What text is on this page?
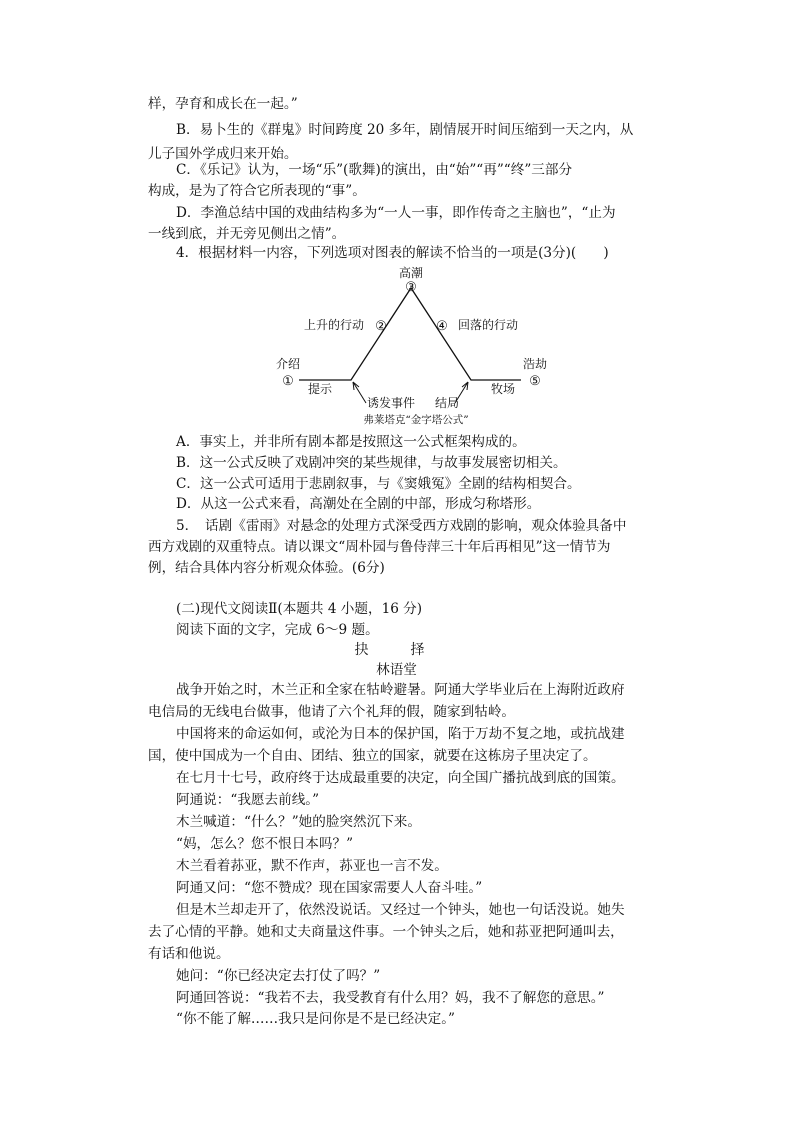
样，孕育和成长在一起。”
B．易卜生的《群鬼》时间跨度 20 多年，剧情展开时间压缩到一天之内，从
儿子国外学成归来开始。
C．《乐记》认为，一场“乐”(歌舞)的演出，由“始”“再”“终”三部分
构成，是为了符合它所表现的“事”。
D．李渔总结中国的戏曲结构多为“一人一事，即作传奇之主脑也”，“止为
一线到底，并无旁见侧出之情”。
4．根据材料一内容，下列选项对图表的解读不恰当的一项是(3分)(　　)
高潮
③
上升的行动 ②	④ 回落的行动
介绍
①
浩劫
⑤
提示	牧场
诱发事件 结局
弗莱塔克“金字塔公式”
A．事实上，并非所有剧本都是按照这一公式框架构成的。
B．这一公式反映了戏剧冲突的某些规律，与故事发展密切相关。
C．这一公式可适用于悲剧叙事，与《窦娥冤》全剧的结构相契合。
D．从这一公式来看，高潮处在全剧的中部，形成匀称塔形。
5．　话剧《雷雨》对悬念的处理方式深受西方戏剧的影响，观众体验具备中
西方戏剧的双重特点。请以课文“周朴园与鲁侍萍三十年后再相见”这一情节为
例，结合具体内容分析观众体验。(6分)
(二)现代文阅读Ⅱ(本题共 4 小题，16 分)
阅读下面的文字，完成 6～9 题。
抉　择
林语堂
战争开始之时，木兰正和全家在牯岭避暑。阿通大学毕业后在上海附近政府
电信局的无线电台做事，他请了六个礼拜的假，随家到牯岭。
中国将来的命运如何，或沦为日本的保护国，陷于万劫不复之地，或抗战建
国，使中国成为一个自由、团结、独立的国家，就要在这栋房子里决定了。
在七月十七号，政府终于达成最重要的决定，向全国广播抗战到底的国策。
阿通说：“我愿去前线。”
木兰喊道：“什么？”她的脸突然沉下来。
“妈，怎么？您不恨日本吗？”
木兰看着荪亚，默不作声，荪亚也一言不发。
阿通又问：“您不赞成？现在国家需要人人奋斗哇。”
但是木兰却走开了，依然没说话。又经过一个钟头，她也一句话没说。她失
去了心情的平静。她和丈夫商量这件事。一个钟头之后，她和荪亚把阿通叫去，
有话和他说。
她问：“你已经决定去打仗了吗？”
阿通回答说：“我若不去，我受教育有什么用？妈，我不了解您的意思。”
“你不能了解……我只是问你是不是已经决定。”
